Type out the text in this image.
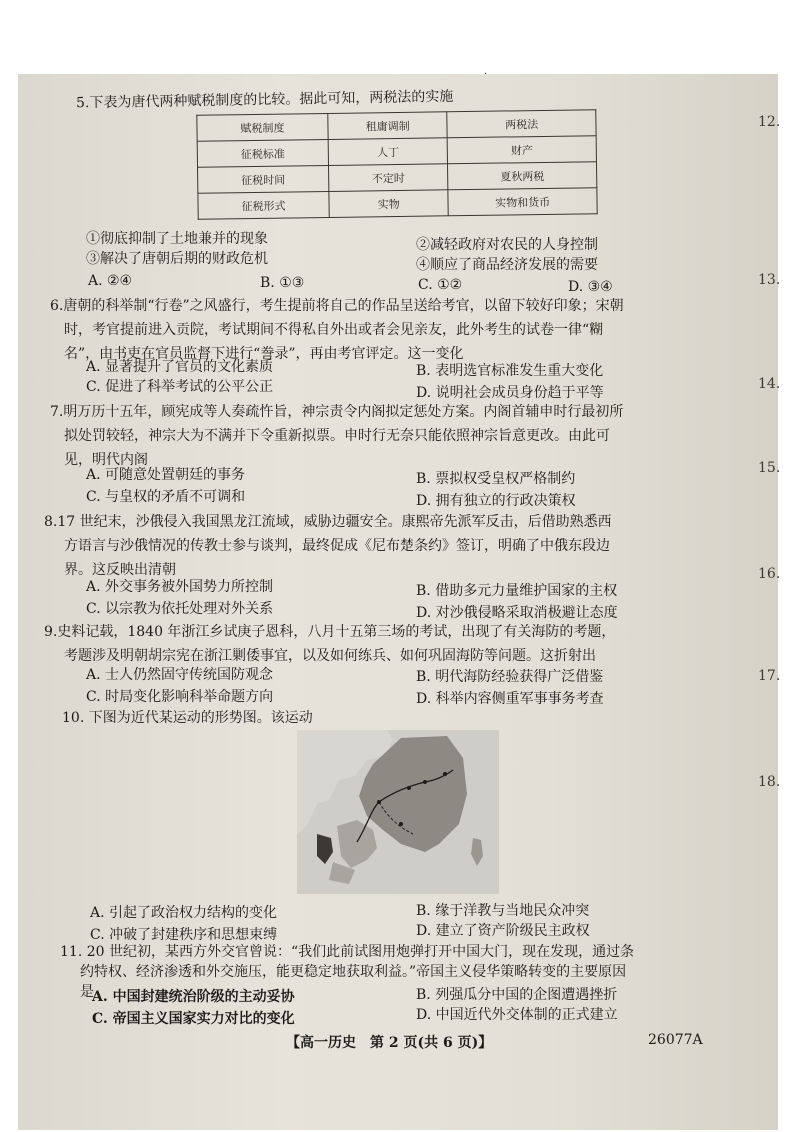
.
5.下表为唐代两种赋税制度的比较。据此可知，两税法的实施
赋税制度	租庸调制	两税法
征税标准	人丁	财产
征税时间	不定时	夏秋两税
征税形式	实物	实物和货币
①彻底抑制了土地兼并的现象	②减轻政府对农民的人身控制
③解决了唐朝后期的财政危机	④顺应了商品经济发展的需要
A. ②④	B. ①③	C. ①②	D. ③④
6.唐朝的科举制“行卷”之风盛行，考生提前将自己的作品呈送给考官，以留下较好印象；宋朝时，考官提前进入贡院，考试期间不得私自外出或者会见亲友，此外考生的试卷一律“糊名”，由书吏在官员监督下进行“誊录”，再由考官评定。这一变化
A. 显著提升了官员的文化素质	B. 表明选官标准发生重大变化
C. 促进了科举考试的公平公正	D. 说明社会成员身份趋于平等
7.明万历十五年，顾宪成等人奏疏忤旨，神宗责令内阁拟定惩处方案。内阁首辅申时行最初所拟处罚较轻，神宗大为不满并下令重新拟票。申时行无奈只能依照神宗旨意更改。由此可见，明代内阁
A. 可随意处置朝廷的事务	B. 票拟权受皇权严格制约
C. 与皇权的矛盾不可调和	D. 拥有独立的行政决策权
8.17 世纪末，沙俄侵入我国黑龙江流域，威胁边疆安全。康熙帝先派军反击，后借助熟悉西方语言与沙俄情况的传教士参与谈判，最终促成《尼布楚条约》签订，明确了中俄东段边界。这反映出清朝
A. 外交事务被外国势力所控制	B. 借助多元力量维护国家的主权
C. 以宗教为依托处理对外关系	D. 对沙俄侵略采取消极避让态度
9.史料记载，1840 年浙江乡试庚子恩科，八月十五第三场的考试，出现了有关海防的考题，考题涉及明朝胡宗宪在浙江剿倭事宜，以及如何练兵、如何巩固海防等问题。这折射出
A. 士人仍然固守传统国防观念	B. 明代海防经验获得广泛借鉴
C. 时局变化影响科举命题方向	D. 科举内容侧重军事事务考查
10. 下图为近代某运动的形势图。该运动
A. 引起了政治权力结构的变化	B. 缘于洋教与当地民众冲突
C. 冲破了封建秩序和思想束缚	D. 建立了资产阶级民主政权
11. 20 世纪初，某西方外交官曾说：“我们此前试图用炮弹打开中国大门，现在发现，通过条约特权、经济渗透和外交施压，能更稳定地获取利益。”帝国主义侵华策略转变的主要原因是
A. 中国封建统治阶级的主动妥协	B. 列强瓜分中国的企图遭遇挫折
C. 帝国主义国家实力对比的变化	D. 中国近代外交体制的正式建立
12.
13.
14.
15.
16.
17.
18.
【高一历史　第 2 页(共 6 页)】	26077A
